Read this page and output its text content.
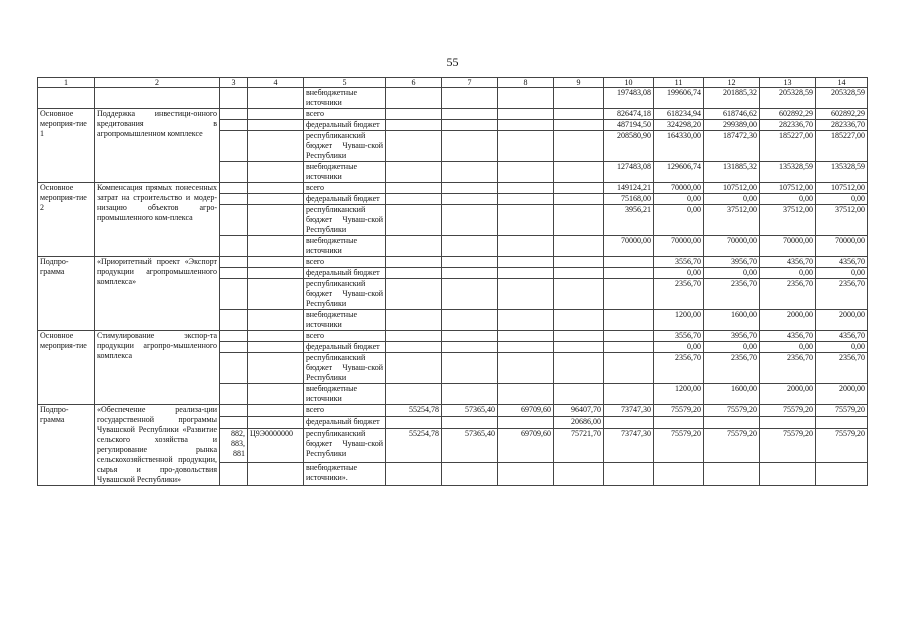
55
1	2	3	4	5	6	7	8	9	10	11	12	13	14
				внебюджетные источники					197483,08	199606,74	201885,32	205328,59	205328,59
Основное мероприя-тие 1	Поддержка инвестици-онного кредитования в агропромышленном комплексе			всего					826474,18	618234,94	618746,62	602892,29	602892,29
				федеральный бюджет					487194,50	324298,20	299389,00	282336,70	282336,70
				республиканский бюджет Чуваш-ской Республики					208580,90	164330,00	187472,30	185227,00	185227,00
				внебюджетные источники					127483,08	129606,74	131885,32	135328,59	135328,59
Основное мероприя-тие 2	Компенсация прямых понесенных затрат на строительство и модер-низацию объектов агро-промышленного ком-плекса			всего					149124,21	70000,00	107512,00	107512,00	107512,00
				федеральный бюджет					75168,00	0,00	0,00	0,00	0,00
				республиканский бюджет Чуваш-ской Республики					3956,21	0,00	37512,00	37512,00	37512,00
				внебюджетные источники					70000,00	70000,00	70000,00	70000,00	70000,00
Подпро-грамма	«Приоритетный проект «Экспорт продукции агропромышленного комплекса»			всего						3556,70	3956,70	4356,70	4356,70
				федеральный бюджет						0,00	0,00	0,00	0,00
				республиканский бюджет Чуваш-ской Республики						2356,70	2356,70	2356,70	2356,70
				внебюджетные источники						1200,00	1600,00	2000,00	2000,00
Основное мероприя-тие	Стимулирование экспор-та продукции агропро-мышленного комплекса			всего						3556,70	3956,70	4356,70	4356,70
				федеральный бюджет						0,00	0,00	0,00	0,00
				республиканский бюджет Чуваш-ской Республики						2356,70	2356,70	2356,70	2356,70
				внебюджетные источники						1200,00	1600,00	2000,00	2000,00
Подпро-грамма	«Обеспечение реализа-ции государственной программы Чувашской Республики «Развитие сельского хозяйства и регулирование рынка сельскохозяйственной продукции, сырья и про-довольствия Чувашской Республики»			всего	55254,78	57365,40	69709,60	96407,70	73747,30	75579,20	75579,20	75579,20	75579,20
				федеральный бюджет				20686,00					
		882, 883, 881	Ц9Э0000000	республиканский бюджет Чуваш-ской Республики	55254,78	57365,40	69709,60	75721,70	73747,30	75579,20	75579,20	75579,20	75579,20
				внебюджетные источники».									
